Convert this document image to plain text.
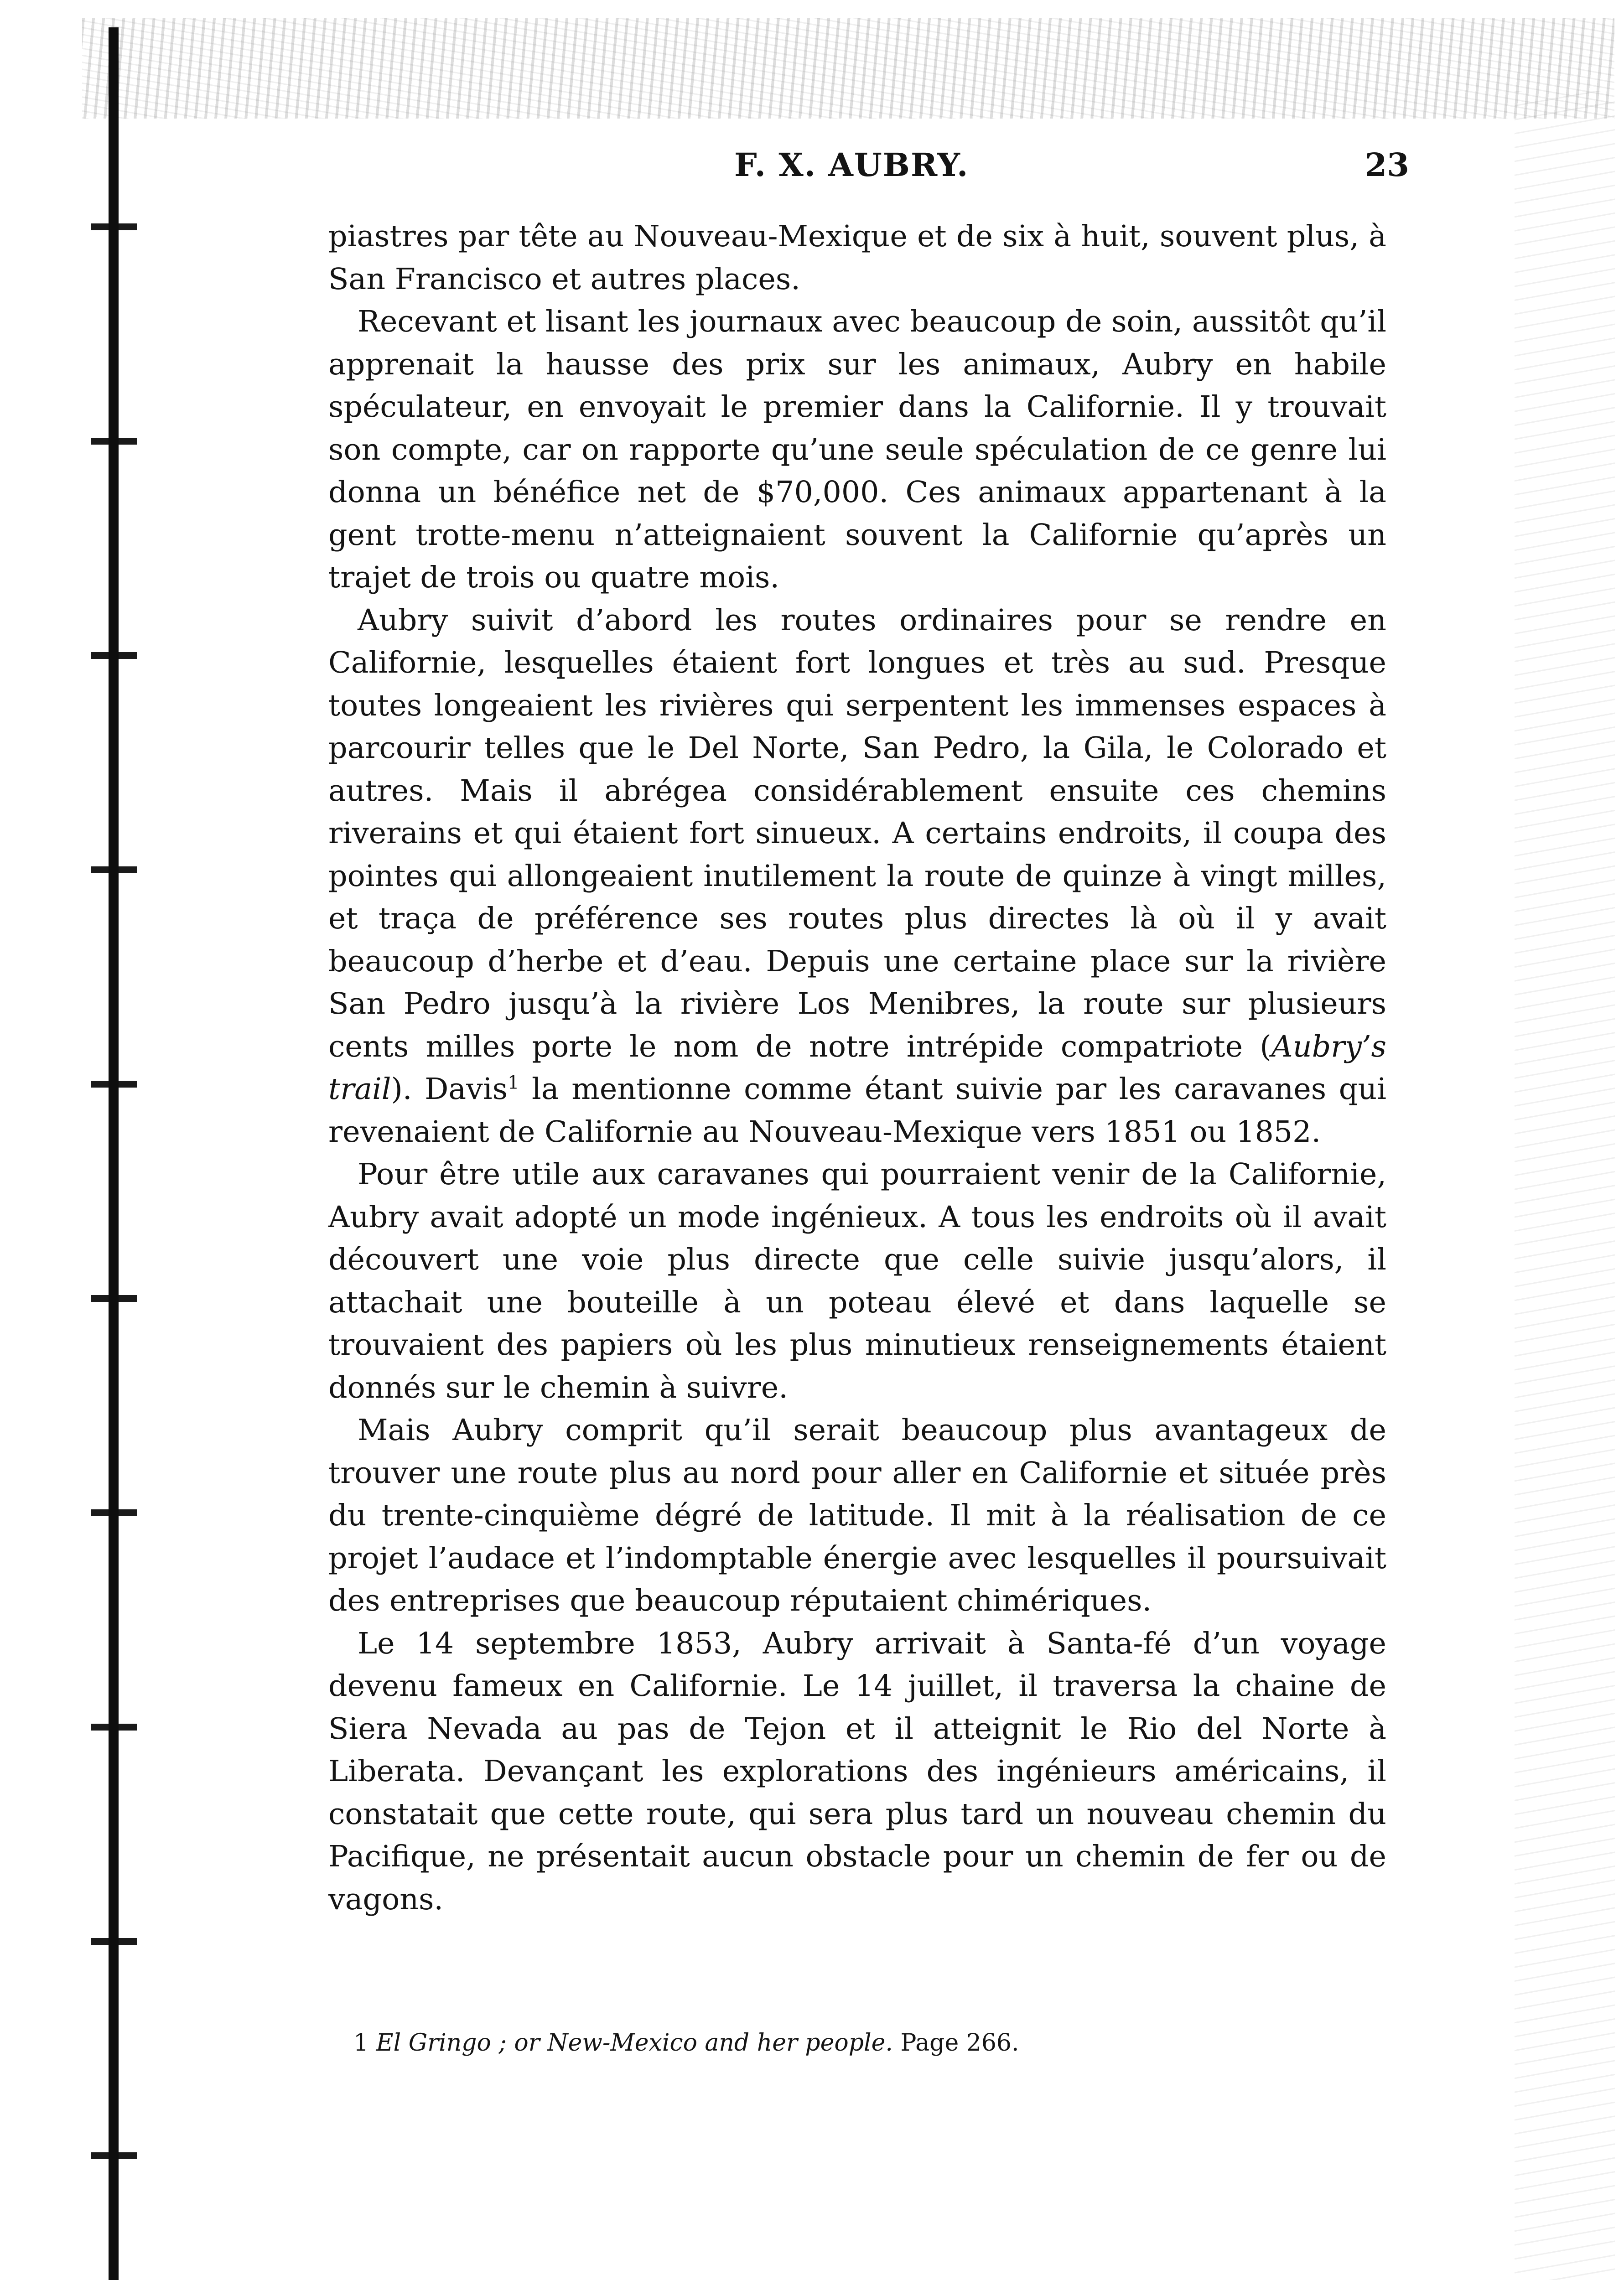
F. X. AUBRY.	23

piastres par tête au Nouveau-Mexique et de six à huit, souvent plus, à San Francisco et autres places.

Recevant et lisant les journaux avec beaucoup de soin, aussitôt qu’il apprenait la hausse des prix sur les animaux, Aubry en habile spéculateur, en envoyait le premier dans la Californie. Il y trouvait son compte, car on rapporte qu’une seule spéculation de ce genre lui donna un bénéfice net de $70,000. Ces animaux appartenant à la gent trotte-menu n’atteignaient souvent la Californie qu’après un trajet de trois ou quatre mois.

Aubry suivit d’abord les routes ordinaires pour se rendre en Californie, lesquelles étaient fort longues et très au sud. Presque toutes longeaient les rivières qui serpentent les immenses espaces à parcourir telles que le Del Norte, San Pedro, la Gila, le Colorado et autres. Mais il abrégea considérablement ensuite ces chemins riverains et qui étaient fort sinueux. A certains endroits, il coupa des pointes qui allongeaient inutilement la route de quinze à vingt milles, et traça de préférence ses routes plus directes là où il y avait beaucoup d’herbe et d’eau. Depuis une certaine place sur la rivière San Pedro jusqu’à la rivière Los Menibres, la route sur plusieurs cents milles porte le nom de notre intrépide compatriote (Aubry’s trail). Davis$^1$ la mentionne comme étant suivie par les caravanes qui revenaient de Californie au Nouveau-Mexique vers 1851 ou 1852.

Pour être utile aux caravanes qui pourraient venir de la Californie, Aubry avait adopté un mode ingénieux. A tous les endroits où il avait découvert une voie plus directe que celle suivie jusqu’alors, il attachait une bouteille à un poteau élevé et dans laquelle se trouvaient des papiers où les plus minutieux renseignements étaient donnés sur le chemin à suivre.

Mais Aubry comprit qu’il serait beaucoup plus avantageux de trouver une route plus au nord pour aller en Californie et située près du trente-cinquième dégré de latitude. Il mit à la réalisation de ce projet l’audace et l’indomptable énergie avec lesquelles il poursuivait des entreprises que beaucoup réputaient chimériques.

Le 14 septembre 1853, Aubry arrivait à Santa-fé d’un voyage devenu fameux en Californie. Le 14 juillet, il traversa la chaine de Siera Nevada au pas de Tejon et il atteignit le Rio del Norte à Liberata. Devançant les explorations des ingénieurs américains, il constatait que cette route, qui sera plus tard un nouveau chemin du Pacifique, ne présentait aucun obstacle pour un chemin de fer ou de vagons.

1 El Gringo ; or New-Mexico and her people. Page 266.
